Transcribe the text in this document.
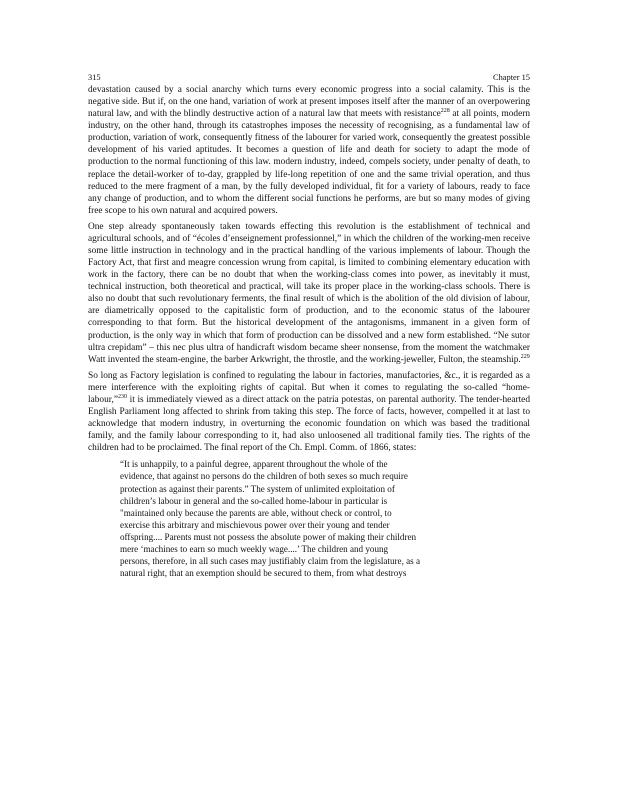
315	Chapter 15

devastation caused by a social anarchy which turns every economic progress into a social calamity. This is the negative side. But if, on the one hand, variation of work at present imposes itself after the manner of an overpowering natural law, and with the blindly destructive action of a natural law that meets with resistance$^{228}$ at all points, modern industry, on the other hand, through its catastrophes imposes the necessity of recognising, as a fundamental law of production, variation of work, consequently fitness of the labourer for varied work, consequently the greatest possible development of his varied aptitudes. It becomes a question of life and death for society to adapt the mode of production to the normal functioning of this law. modern industry, indeed, compels society, under penalty of death, to replace the detail-worker of to-day, grappled by life-long repetition of one and the same trivial operation, and thus reduced to the mere fragment of a man, by the fully developed individual, fit for a variety of labours, ready to face any change of production, and to whom the different social functions he performs, are but so many modes of giving free scope to his own natural and acquired powers.

One step already spontaneously taken towards effecting this revolution is the establishment of technical and agricultural schools, and of “écoles d’enseignement professionnel,” in which the children of the working-men receive some little instruction in technology and in the practical handling of the various implements of labour. Though the Factory Act, that first and meagre concession wrung from capital, is limited to combining elementary education with work in the factory, there can be no doubt that when the working-class comes into power, as inevitably it must, technical instruction, both theoretical and practical, will take its proper place in the working-class schools. There is also no doubt that such revolutionary ferments, the final result of which is the abolition of the old division of labour, are diametrically opposed to the capitalistic form of production, and to the economic status of the labourer corresponding to that form. But the historical development of the antagonisms, immanent in a given form of production, is the only way in which that form of production can be dissolved and a new form established. “Ne sutor ultra crepidam” – this nec plus ultra of handicraft wisdom became sheer nonsense, from the moment the watchmaker Watt invented the steam-engine, the barber Arkwright, the throstle, and the working-jeweller, Fulton, the steamship.$^{229}$

So long as Factory legislation is confined to regulating the labour in factories, manufactories, &c., it is regarded as a mere interference with the exploiting rights of capital. But when it comes to regulating the so-called “home-labour,”$^{230}$ it is immediately viewed as a direct attack on the patria potestas, on parental authority. The tender-hearted English Parliament long affected to shrink from taking this step. The force of facts, however, compelled it at last to acknowledge that modern industry, in overturning the economic foundation on which was based the traditional family, and the family labour corresponding to it, had also unloosened all traditional family ties. The rights of the children had to be proclaimed. The final report of the Ch. Empl. Comm. of 1866, states:

“It is unhappily, to a painful degree, apparent throughout the whole of the
evidence, that against no persons do the children of both sexes so much require
protection as against their parents.” The system of unlimited exploitation of
children’s labour in general and the so-called home-labour in particular is
"maintained only because the parents are able, without check or control, to
exercise this arbitrary and mischievous power over their young and tender
offspring.... Parents must not possess the absolute power of making their children
mere ‘machines to earn so much weekly wage....’ The children and young
persons, therefore, in all such cases may justifiably claim from the legislature, as a
natural right, that an exemption should be secured to them, from what destroys
